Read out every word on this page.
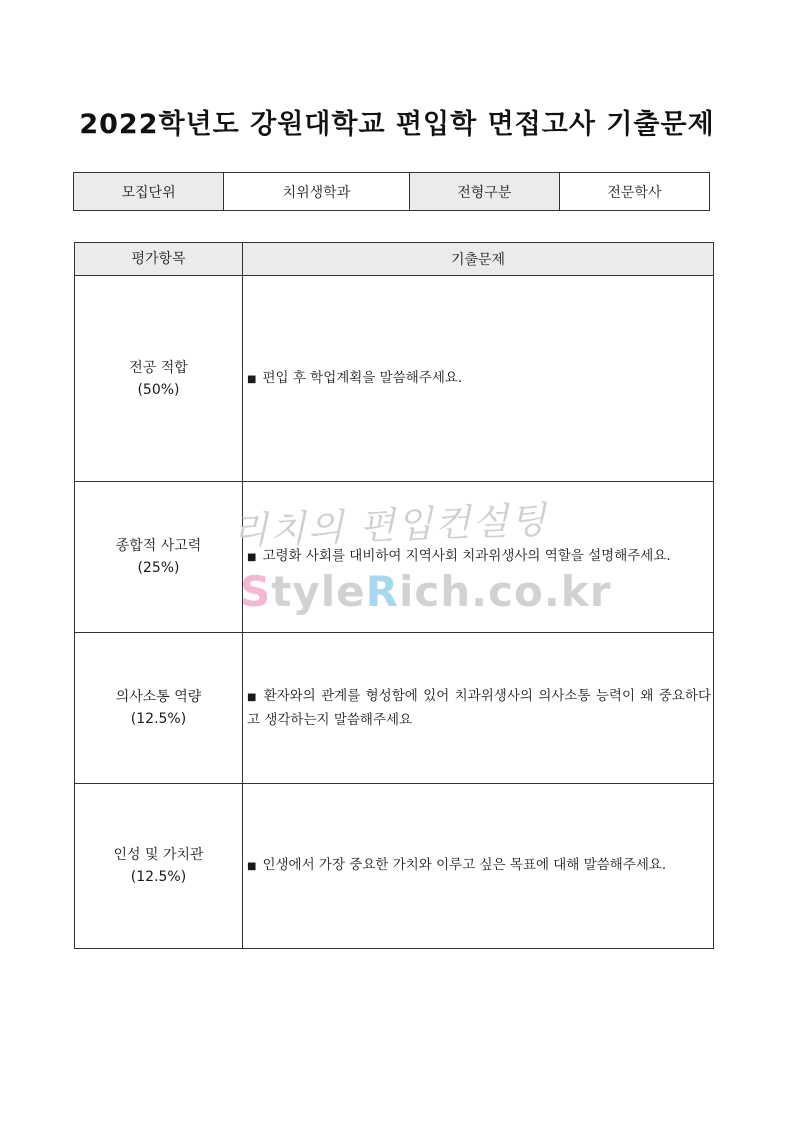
2022학년도 강원대학교 편입학 면접고사 기출문제
모집단위	치위생학과	전형구분	전문학사
평가항목	기출문제

전공 적합
(50%)	■ 편입 후 학업계획을 말씀해주세요.

종합적 사고력
(25%)	■ 고령화 사회를 대비하여 지역사회 치과위생사의 역할을 설명해주세요.

의사소통 역량
(12.5%)	■ 환자와의 관계를 형성함에 있어 치과위생사의 의사소통 능력이 왜 중요하다고 생각하는지 말씀해주세요

인성 및 가치관
(12.5%)	■ 인생에서 가장 중요한 가치와 이루고 싶은 목표에 대해 말씀해주세요.
리치의 편입컨설팅
StyleRich.co.kr
